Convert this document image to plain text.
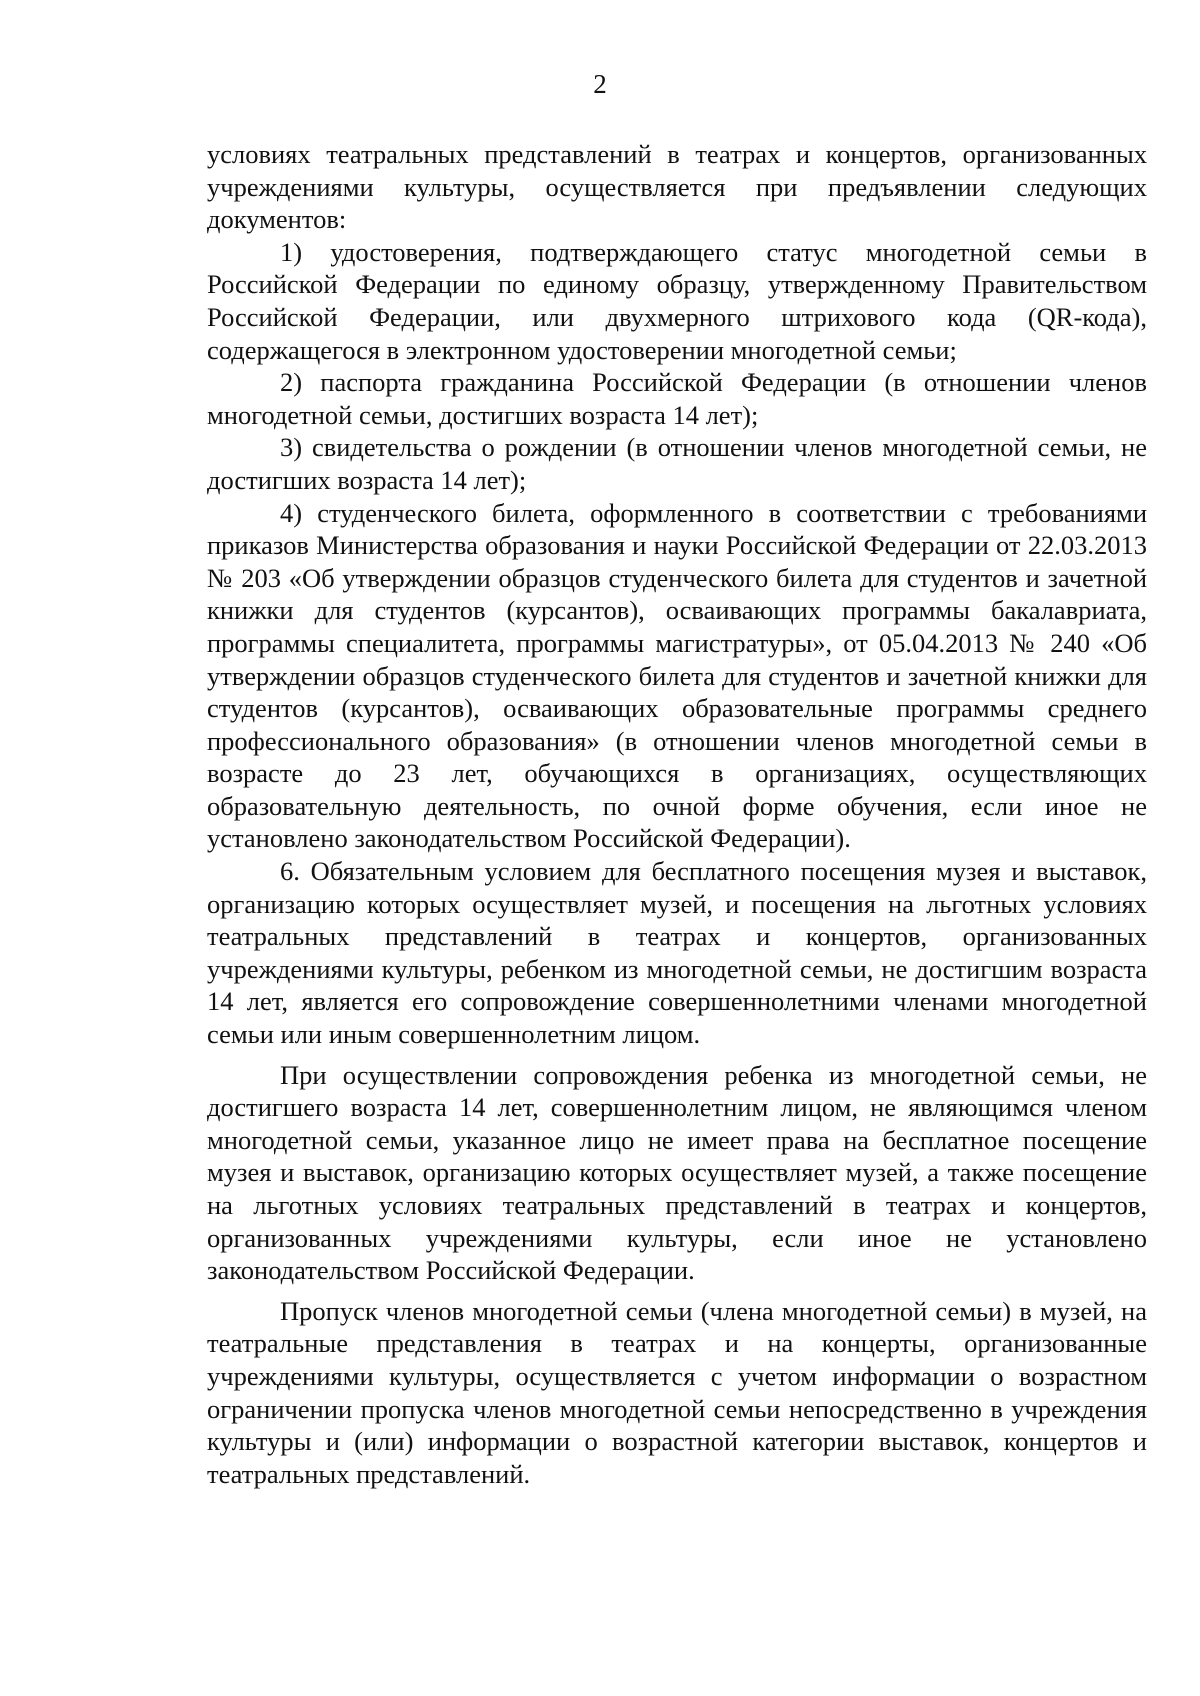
2

условиях театральных представлений в театрах и концертов, организованных учреждениями культуры, осуществляется при предъявлении следующих документов:

1) удостоверения, подтверждающего статус многодетной семьи в Российской Федерации по единому образцу, утвержденному Правительством Российской Федерации, или двухмерного штрихового кода (QR-кода), содержащегося в электронном удостоверении многодетной семьи;

2) паспорта гражданина Российской Федерации (в отношении членов многодетной семьи, достигших возраста 14 лет);

3) свидетельства о рождении (в отношении членов многодетной семьи, не достигших возраста 14 лет);

4) студенческого билета, оформленного в соответствии с требованиями приказов Министерства образования и науки Российской Федерации от 22.03.2013 № 203 «Об утверждении образцов студенческого билета для студентов и зачетной книжки для студентов (курсантов), осваивающих программы бакалавриата, программы специалитета, программы магистратуры», от 05.04.2013 № 240 «Об утверждении образцов студенческого билета для студентов и зачетной книжки для студентов (курсантов), осваивающих образовательные программы среднего профессионального образования» (в отношении членов многодетной семьи в возрасте до 23 лет, обучающихся в организациях, осуществляющих образовательную деятельность, по очной форме обучения, если иное не установлено законодательством Российской Федерации).

6. Обязательным условием для бесплатного посещения музея и выставок, организацию которых осуществляет музей, и посещения на льготных условиях театральных представлений в театрах и концертов, организованных учреждениями культуры, ребенком из многодетной семьи, не достигшим возраста 14 лет, является его сопровождение совершеннолетними членами многодетной семьи или иным совершеннолетним лицом.

При осуществлении сопровождения ребенка из многодетной семьи, не достигшего возраста 14 лет, совершеннолетним лицом, не являющимся членом многодетной семьи, указанное лицо не имеет права на бесплатное посещение музея и выставок, организацию которых осуществляет музей, а также посещение на льготных условиях театральных представлений в театрах и концертов, организованных учреждениями культуры, если иное не установлено законодательством Российской Федерации.

Пропуск членов многодетной семьи (члена многодетной семьи) в музей, на театральные представления в театрах и на концерты, организованные учреждениями культуры, осуществляется с учетом информации о возрастном ограничении пропуска членов многодетной семьи непосредственно в учреждения культуры и (или) информации о возрастной категории выставок, концертов и театральных представлений.
